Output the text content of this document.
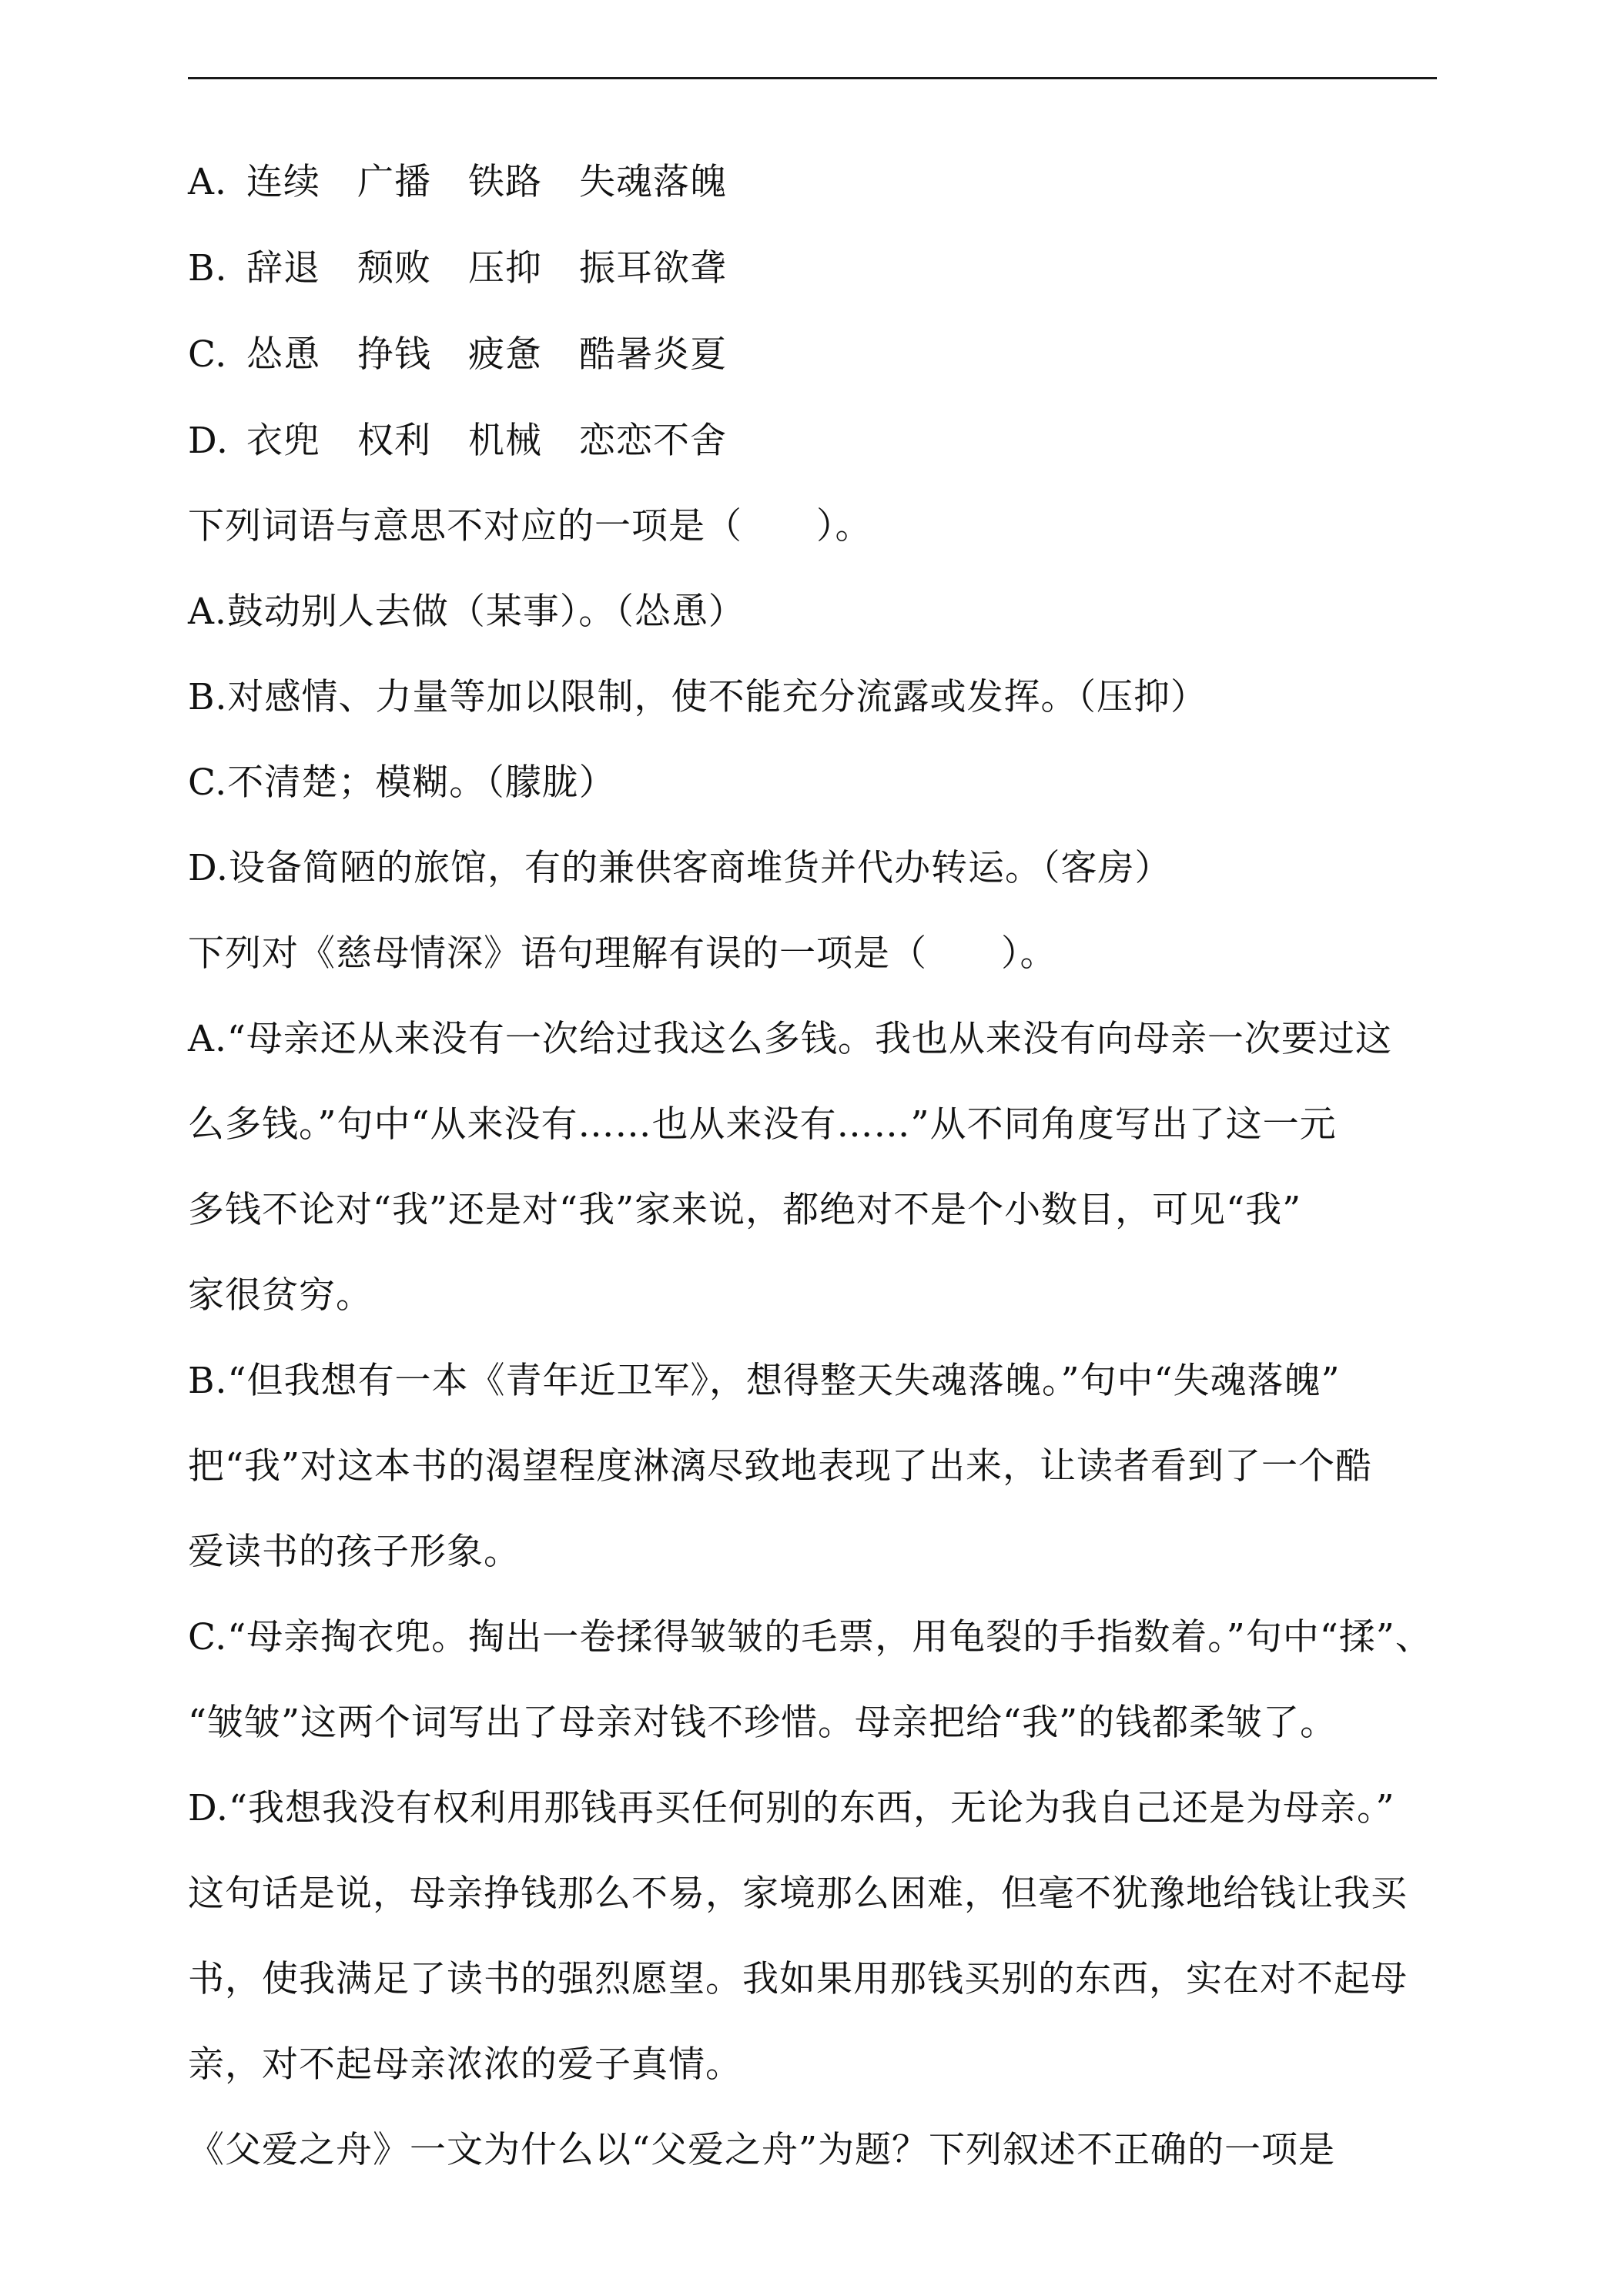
A. 连续 广播 铁路 失魂落魄

B. 辞退 颓败 压抑 振耳欲聋

C. 怂恿 挣钱 疲惫 酷暑炎夏

D. 衣兜 权利 机械 恋恋不舍

下列词语与意思不对应的一项是（ ）。

A.鼓动别人去做（某事）。（怂恿）

B.对感情、力量等加以限制，使不能充分流露或发挥。（压抑）

C.不清楚；模糊。（朦胧）

D.设备简陋的旅馆，有的兼供客商堆货并代办转运。（客房）

下列对《慈母情深》语句理解有误的一项是（ ）。

A.“母亲还从来没有一次给过我这么多钱。我也从来没有向母亲一次要过这

么多钱。”句中“从来没有……也从来没有……”从不同角度写出了这一元

多钱不论对“我”还是对“我”家来说，都绝对不是个小数目，可见“我”

家很贫穷。

B.“但我想有一本《青年近卫军》，想得整天失魂落魄。”句中“失魂落魄”

把“我”对这本书的渴望程度淋漓尽致地表现了出来，让读者看到了一个酷

爱读书的孩子形象。

C.“母亲掏衣兜。掏出一卷揉得皱皱的毛票，用龟裂的手指数着。”句中“揉”、

“皱皱”这两个词写出了母亲对钱不珍惜。母亲把给“我”的钱都柔皱了。

D.“我想我没有权利用那钱再买任何别的东西，无论为我自己还是为母亲。”

这句话是说，母亲挣钱那么不易，家境那么困难，但毫不犹豫地给钱让我买

书，使我满足了读书的强烈愿望。我如果用那钱买别的东西，实在对不起母

亲，对不起母亲浓浓的爱子真情。

《父爱之舟》一文为什么以“父爱之舟”为题？下列叙述不正确的一项是
